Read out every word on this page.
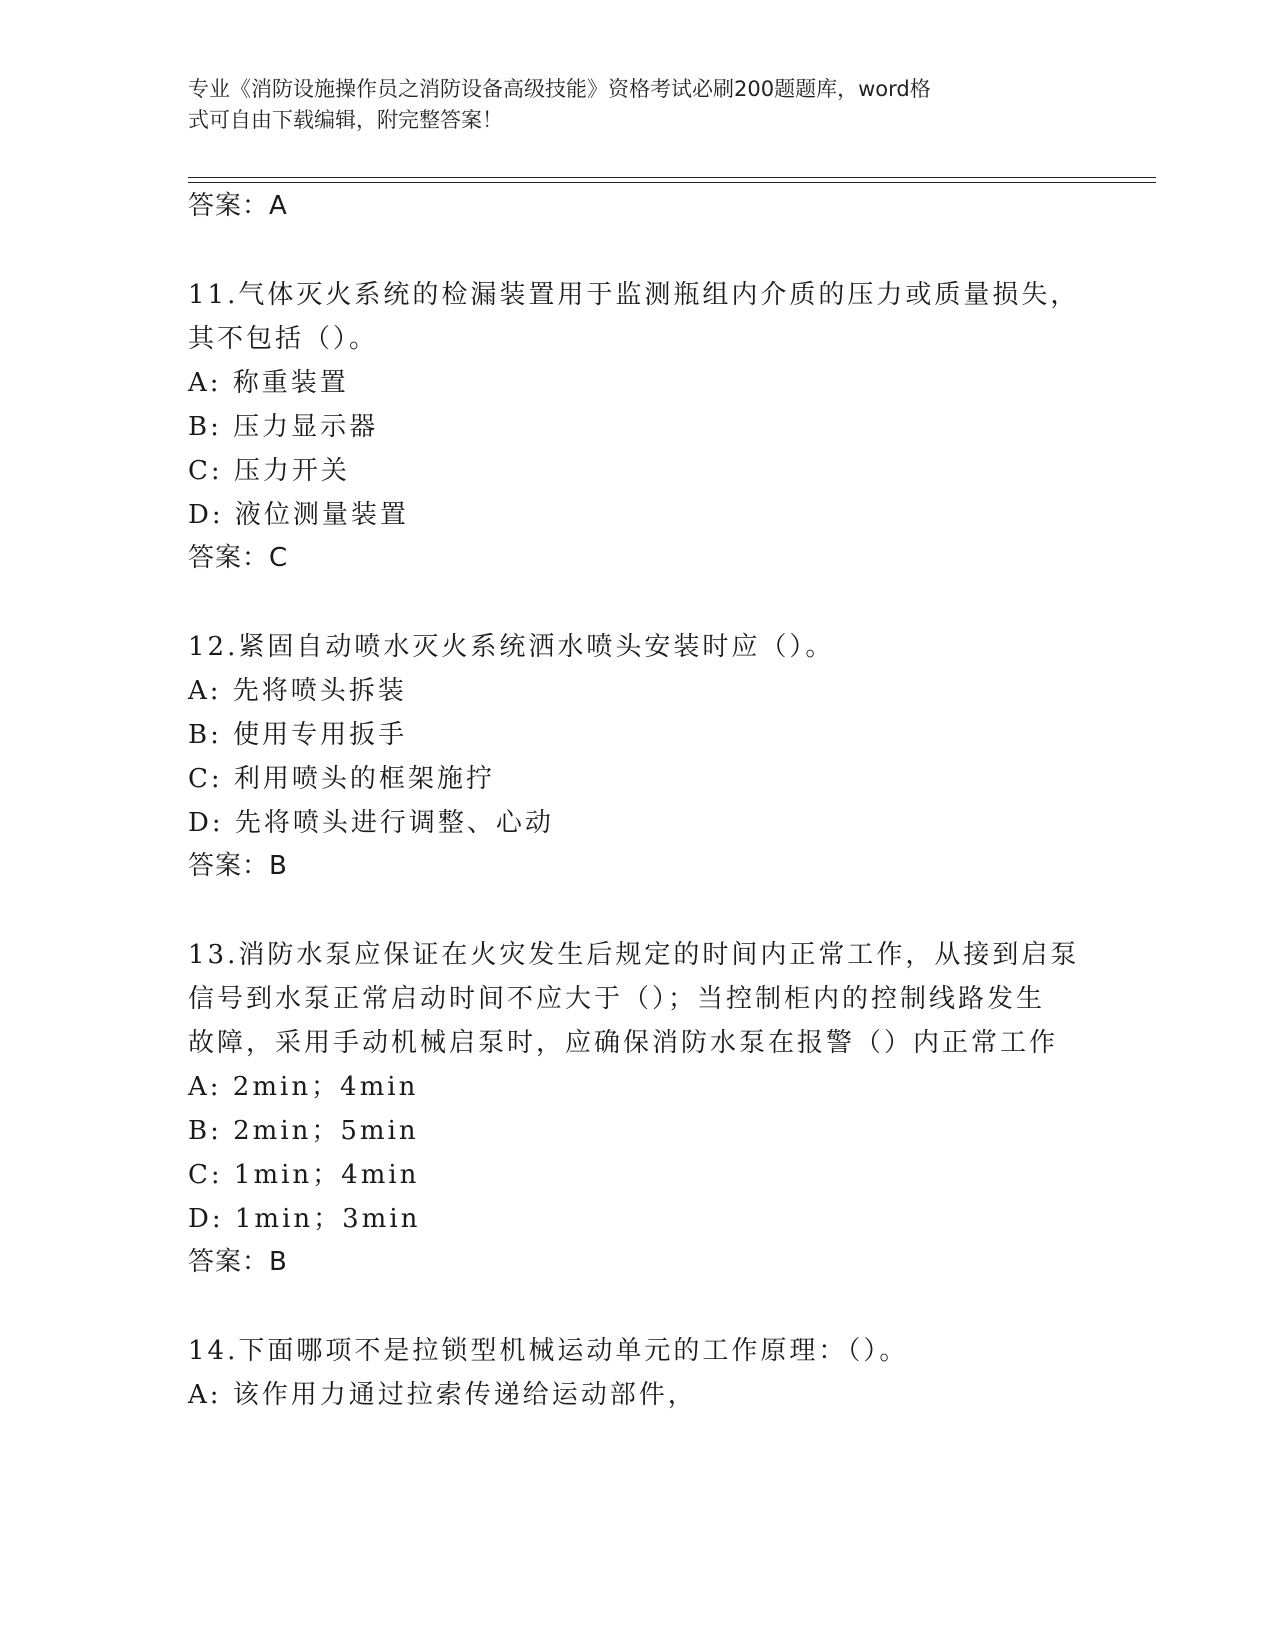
专业《消防设施操作员之消防设备高级技能》资格考试必刷200题题库，word格
式可自由下载编辑，附完整答案！
答案：A
11.气体灭火系统的检漏装置用于监测瓶组内介质的压力或质量损失，
其不包括（）。
A: 称重装置
B: 压力显示器
C: 压力开关
D: 液位测量装置
答案：C
12.紧固自动喷水灭火系统洒水喷头安装时应（）。
A: 先将喷头拆装
B: 使用专用扳手
C: 利用喷头的框架施拧
D: 先将喷头进行调整、心动
答案：B
13.消防水泵应保证在火灾发生后规定的时间内正常工作，从接到启泵
信号到水泵正常启动时间不应大于（）；当控制柜内的控制线路发生
故障，采用手动机械启泵时，应确保消防水泵在报警（）内正常工作
A: 2min；4min
B: 2min；5min
C: 1min；4min
D: 1min；3min
答案：B
14.下面哪项不是拉锁型机械运动单元的工作原理：（）。
A: 该作用力通过拉索传递给运动部件，
